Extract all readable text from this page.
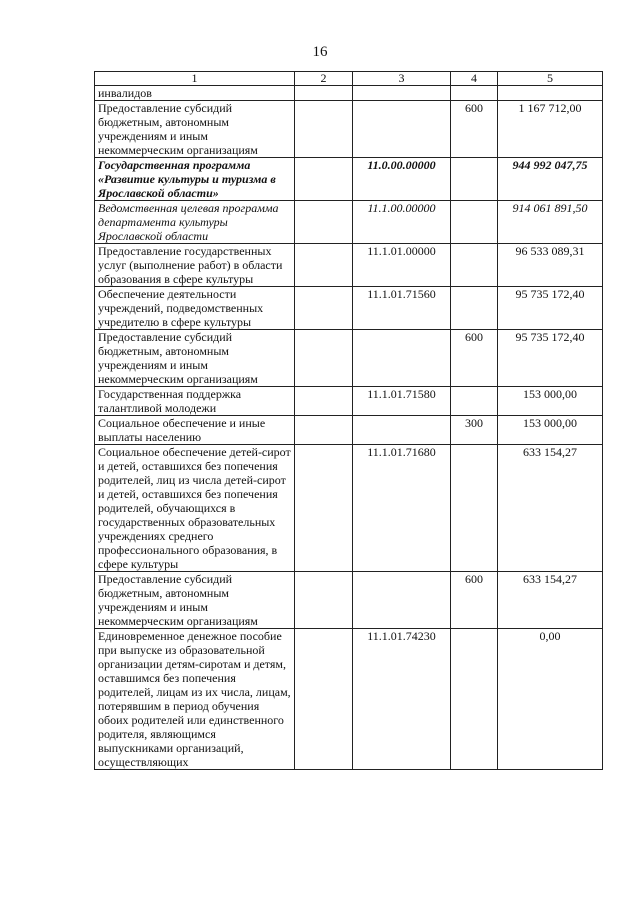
16
1	2	3	4	5
инвалидов				
Предоставление субсидий бюджетным, автономным учреждениям и иным некоммерческим организациям			600	1 167 712,00
Государственная программа «Развитие культуры и туризма в Ярославской области»		11.0.00.00000		944 992 047,75
Ведомственная целевая программа департамента культуры Ярославской области		11.1.00.00000		914 061 891,50
Предоставление государственных услуг (выполнение работ) в области образования в сфере культуры		11.1.01.00000		96 533 089,31
Обеспечение деятельности учреждений, подведомственных учредителю в сфере культуры		11.1.01.71560		95 735 172,40
Предоставление субсидий бюджетным, автономным учреждениям и иным некоммерческим организациям			600	95 735 172,40
Государственная поддержка талантливой молодежи		11.1.01.71580		153 000,00
Социальное обеспечение и иные выплаты населению			300	153 000,00
Социальное обеспечение детей-сирот и детей, оставшихся без попечения родителей, лиц из числа детей-сирот и детей, оставшихся без попечения родителей, обучающихся в государственных образовательных учреждениях среднего профессионального образования, в сфере культуры		11.1.01.71680		633 154,27
Предоставление субсидий бюджетным, автономным учреждениям и иным некоммерческим организациям			600	633 154,27
Единовременное денежное пособие при выпуске из образовательной организации детям-сиротам и детям, оставшимся без попечения родителей, лицам из их числа, лицам, потерявшим в период обучения обоих родителей или единственного родителя, являющимся выпускниками организаций, осуществляющих		11.1.01.74230		0,00
